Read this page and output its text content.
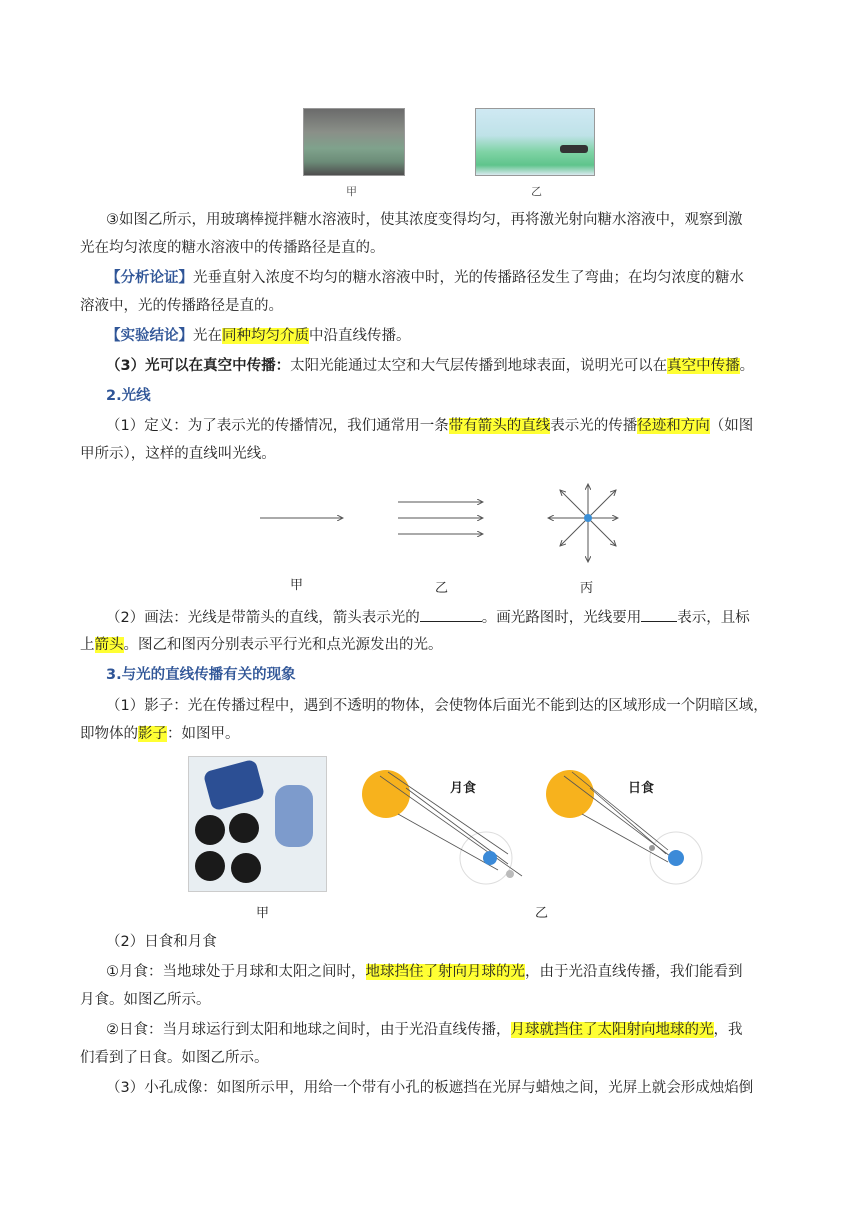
甲	乙
③如图乙所示，用玻璃棒搅拌糖水溶液时，使其浓度变得均匀，再将激光射向糖水溶液中，观察到激
光在均匀浓度的糖水溶液中的传播路径是直的。
【分析论证】光垂直射入浓度不均匀的糖水溶液中时，光的传播路径发生了弯曲；在均匀浓度的糖水
溶液中，光的传播路径是直的。
【实验结论】光在同种均匀介质中沿直线传播。
（3）光可以在真空中传播：太阳光能通过太空和大气层传播到地球表面，说明光可以在真空中传播。
2.光线
（1）定义：为了表示光的传播情况，我们通常用一条带有箭头的直线表示光的传播径迹和方向（如图
甲所示），这样的直线叫光线。
甲	乙	丙
（2）画法：光线是带箭头的直线，箭头表示光的	。画光路图时，光线要用 表示，且标
上箭头。图乙和图丙分别表示平行光和点光源发出的光。
3.与光的直线传播有关的现象
（1）影子：光在传播过程中，遇到不透明的物体，会使物体后面光不能到达的区域形成一个阴暗区域，
即物体的影子：如图甲。
月食	日食
甲	乙
（2）日食和月食
①月食：当地球处于月球和太阳之间时，地球挡住了射向月球的光，由于光沿直线传播，我们能看到
月食。如图乙所示。
②日食：当月球运行到太阳和地球之间时，由于光沿直线传播，月球就挡住了太阳射向地球的光，我
们看到了日食。如图乙所示。
（3）小孔成像：如图所示甲，用给一个带有小孔的板遮挡在光屏与蜡烛之间，光屏上就会形成烛焰倒
